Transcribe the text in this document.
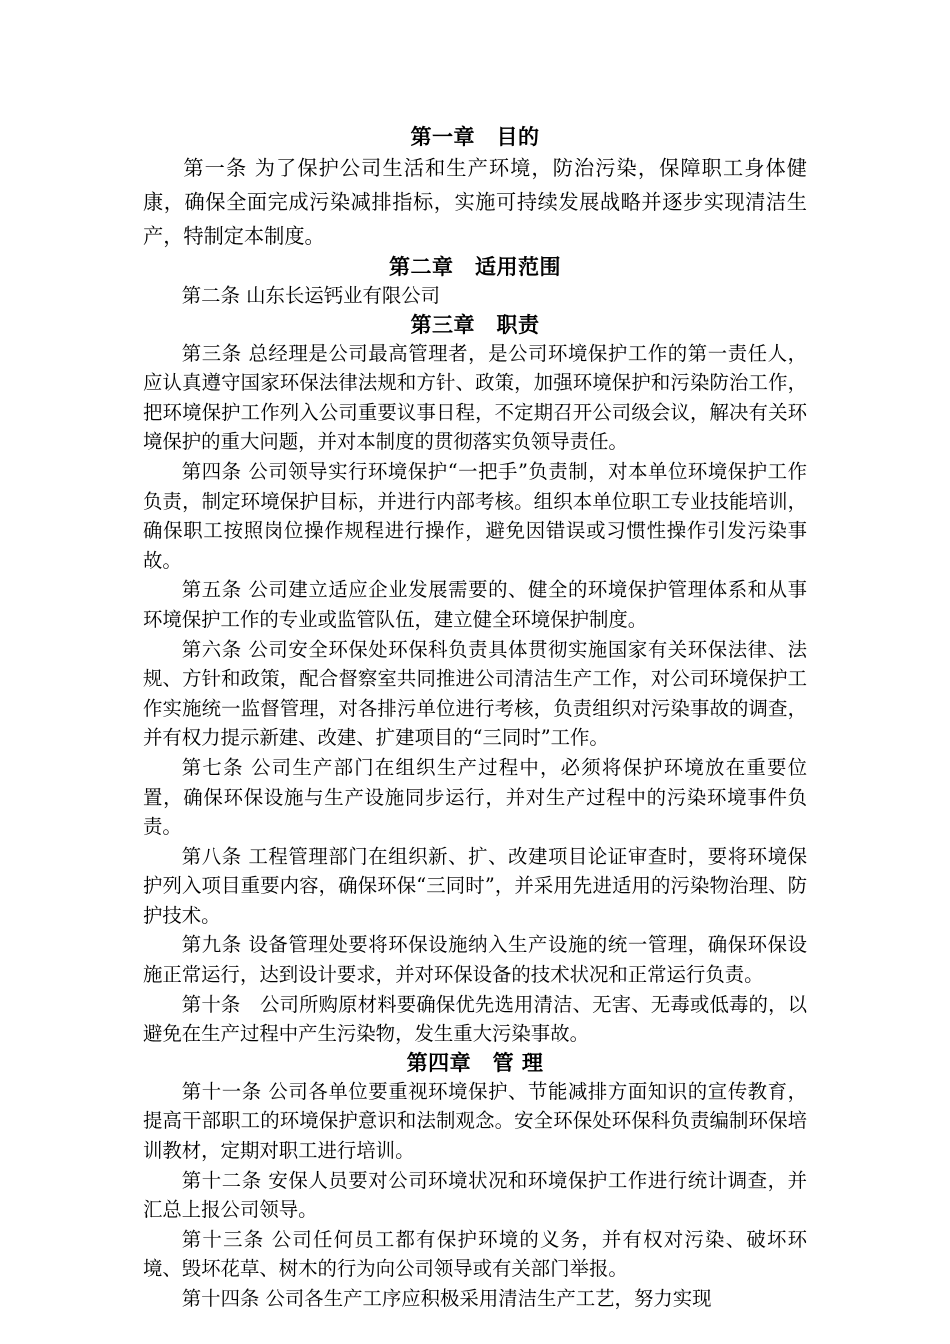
第一章　目的

第一条 为了保护公司生活和生产环境，防治污染，保障职工身体健康，确保全面完成污染减排指标，实施可持续发展战略并逐步实现清洁生产，特制定本制度。

第二章　适用范围

第二条 山东长运钙业有限公司

第三章　职责

第三条 总经理是公司最高管理者，是公司环境保护工作的第一责任人，应认真遵守国家环保法律法规和方针、政策，加强环境保护和污染防治工作，把环境保护工作列入公司重要议事日程，不定期召开公司级会议，解决有关环境保护的重大问题，并对本制度的贯彻落实负领导责任。

第四条 公司领导实行环境保护“一把手”负责制，对本单位环境保护工作负责，制定环境保护目标，并进行内部考核。组织本单位职工专业技能培训，确保职工按照岗位操作规程进行操作，避免因错误或习惯性操作引发污染事故。

第五条 公司建立适应企业发展需要的、健全的环境保护管理体系和从事环境保护工作的专业或监管队伍，建立健全环境保护制度。

第六条 公司安全环保处环保科负责具体贯彻实施国家有关环保法律、法规、方针和政策，配合督察室共同推进公司清洁生产工作，对公司环境保护工作实施统一监督管理，对各排污单位进行考核，负责组织对污染事故的调查，并有权力提示新建、改建、扩建项目的“三同时”工作。

第七条 公司生产部门在组织生产过程中，必须将保护环境放在重要位置，确保环保设施与生产设施同步运行，并对生产过程中的污染环境事件负责。

第八条 工程管理部门在组织新、扩、改建项目论证审查时，要将环境保护列入项目重要内容，确保环保“三同时”，并采用先进适用的污染物治理、防护技术。

第九条 设备管理处要将环保设施纳入生产设施的统一管理，确保环保设施正常运行，达到设计要求，并对环保设备的技术状况和正常运行负责。

第十条　公司所购原材料要确保优先选用清洁、无害、无毒或低毒的，以避免在生产过程中产生污染物，发生重大污染事故。

第四章　管 理

第十一条 公司各单位要重视环境保护、节能减排方面知识的宣传教育，提高干部职工的环境保护意识和法制观念。安全环保处环保科负责编制环保培训教材，定期对职工进行培训。

第十二条 安保人员要对公司环境状况和环境保护工作进行统计调查，并汇总上报公司领导。

第十三条 公司任何员工都有保护环境的义务，并有权对污染、破坏环境、毁坏花草、树木的行为向公司领导或有关部门举报。

第十四条 公司各生产工序应积极采用清洁生产工艺，努力实现
